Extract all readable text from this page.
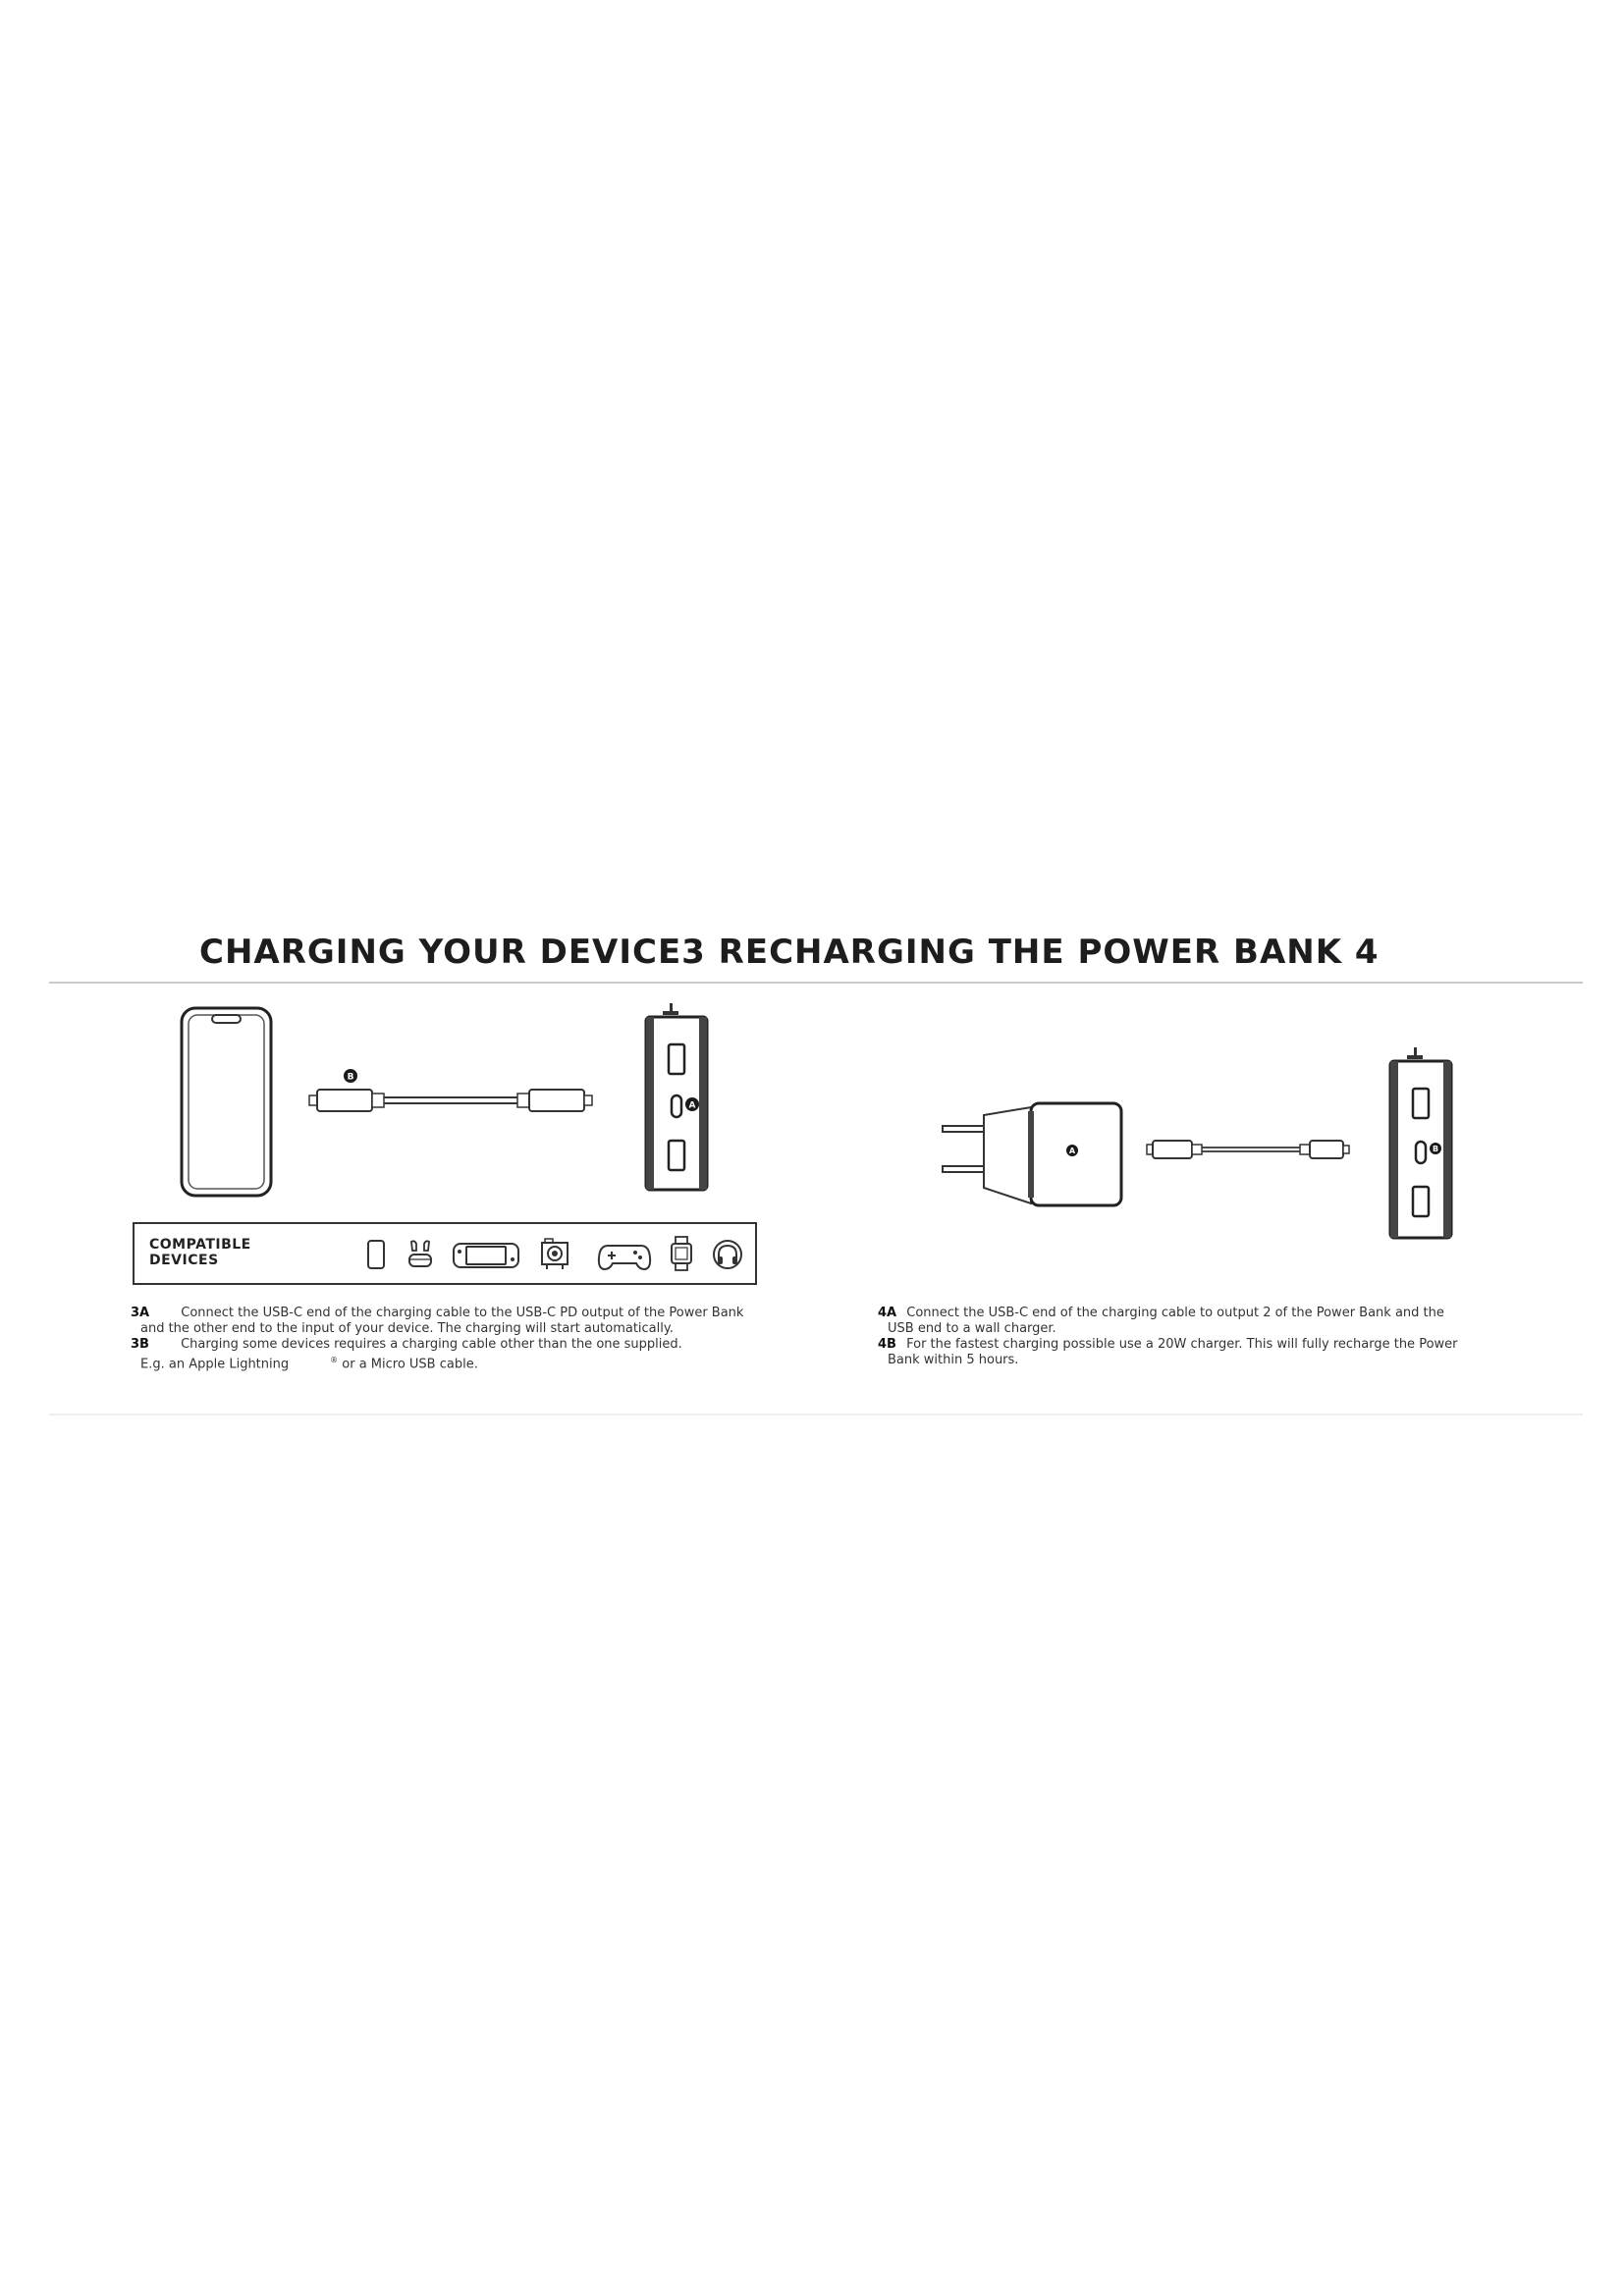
CHARGING YOUR DEVICE3 RECHARGING THE POWER BANK 4
B
A
COMPATIBLE
DEVICES
3A Connect the USB-C end of the charging cable to the USB-C PD output of the Power Bank
and the other end to the input of your device. The charging will start automatically.
3B Charging some devices requires a charging cable other than the one supplied.
E.g. an Apple Lightning	® or a Micro USB cable.
A	B
4A Connect the USB-C end of the charging cable to output 2 of the Power Bank and the
USB end to a wall charger.
4B For the fastest charging possible use a 20W charger. This will fully recharge the Power
Bank within 5 hours.
